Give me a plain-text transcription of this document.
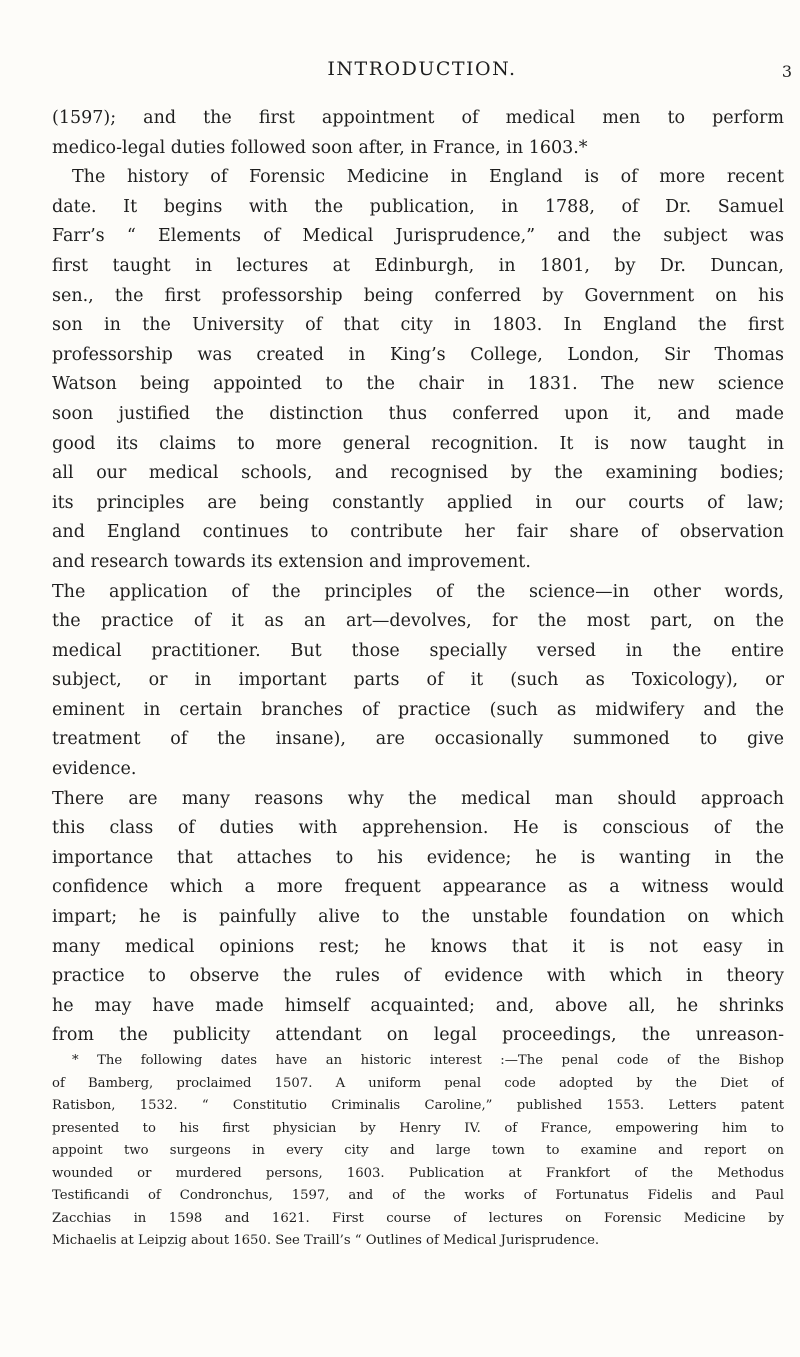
INTRODUCTION.	3
(1597); and the first appointment of medical men to perform
medico-legal duties followed soon after, in France, in 1603.*
The history of Forensic Medicine in England is of more recent
date. It begins with the publication, in 1788, of Dr. Samuel
Farr’s “ Elements of Medical Jurisprudence,” and the subject was
first taught in lectures at Edinburgh, in 1801, by Dr. Duncan,
sen., the first professorship being conferred by Government on his
son in the University of that city in 1803. In England the first
professorship was created in King’s College, London, Sir Thomas
Watson being appointed to the chair in 1831. The new science
soon justified the distinction thus conferred upon it, and made
good its claims to more general recognition. It is now taught in
all our medical schools, and recognised by the examining bodies;
its principles are being constantly applied in our courts of law;
and England continues to contribute her fair share of observation
and research towards its extension and improvement.
The application of the principles of the science—in other words,
the practice of it as an art—devolves, for the most part, on the
medical practitioner. But those specially versed in the entire
subject, or in important parts of it (such as Toxicology), or
eminent in certain branches of practice (such as midwifery and the
treatment of the insane), are occasionally summoned to give
evidence.
There are many reasons why the medical man should approach
this class of duties with apprehension. He is conscious of the
importance that attaches to his evidence; he is wanting in the
confidence which a more frequent appearance as a witness would
impart; he is painfully alive to the unstable foundation on which
many medical opinions rest; he knows that it is not easy in
practice to observe the rules of evidence with which in theory
he may have made himself acquainted; and, above all, he shrinks
from the publicity attendant on legal proceedings, the unreason-
* The following dates have an historic interest :—The penal code of the Bishop
of Bamberg, proclaimed 1507. A uniform penal code adopted by the Diet of
Ratisbon, 1532. “ Constitutio Criminalis Caroline,” published 1553. Letters patent
presented to his first physician by Henry IV. of France, empowering him to
appoint two surgeons in every city and large town to examine and report on
wounded or murdered persons, 1603. Publication at Frankfort of the Methodus
Testificandi of Condronchus, 1597, and of the works of Fortunatus Fidelis and Paul
Zacchias in 1598 and 1621. First course of lectures on Forensic Medicine by
Michaelis at Leipzig about 1650. See Traill’s “ Outlines of Medical Jurisprudence.
